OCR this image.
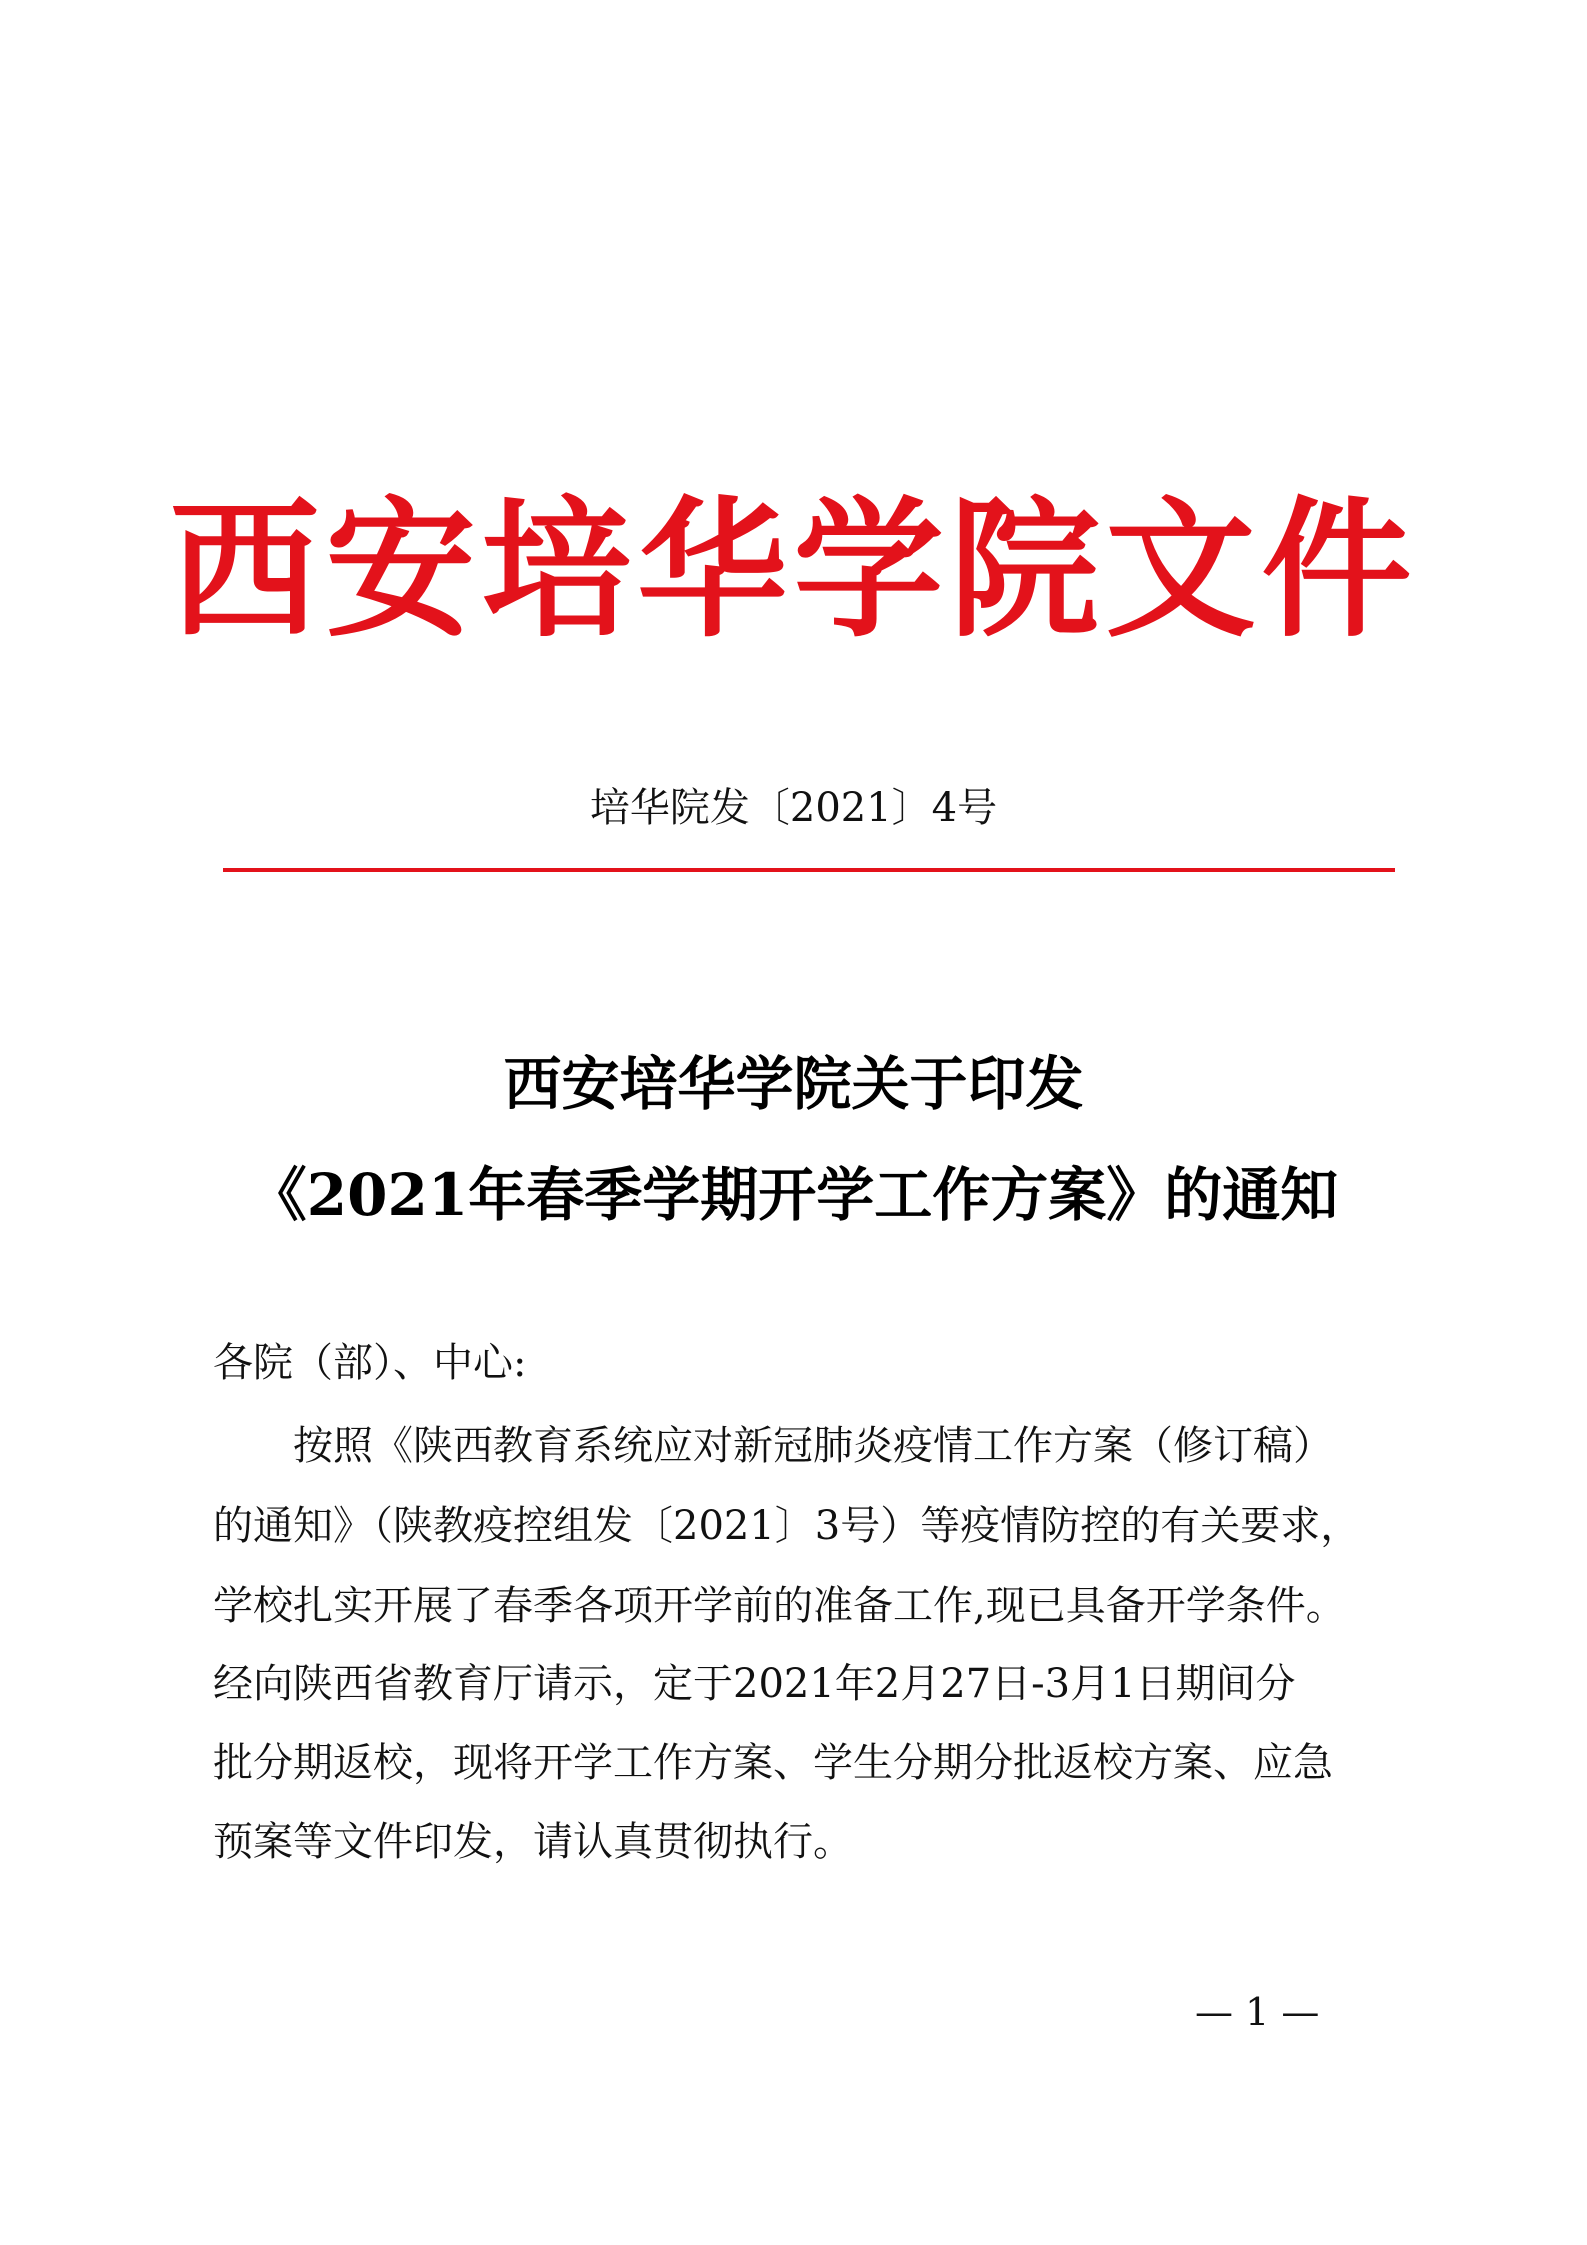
西安培华学院文件
培华院发〔2021〕4号
西安培华学院关于印发
《2021年春季学期开学工作方案》的通知
各院（部）、中心:
按照《陕西教育系统应对新冠肺炎疫情工作方案（修订稿）
的通知》（陕教疫控组发〔2021〕3号）等疫情防控的有关要求，
学校扎实开展了春季各项开学前的准备工作,现已具备开学条件。
经向陕西省教育厅请示，定于2021年2月27日-3月1日期间分
批分期返校，现将开学工作方案、学生分期分批返校方案、应急
预案等文件印发，请认真贯彻执行。
— 1 —
